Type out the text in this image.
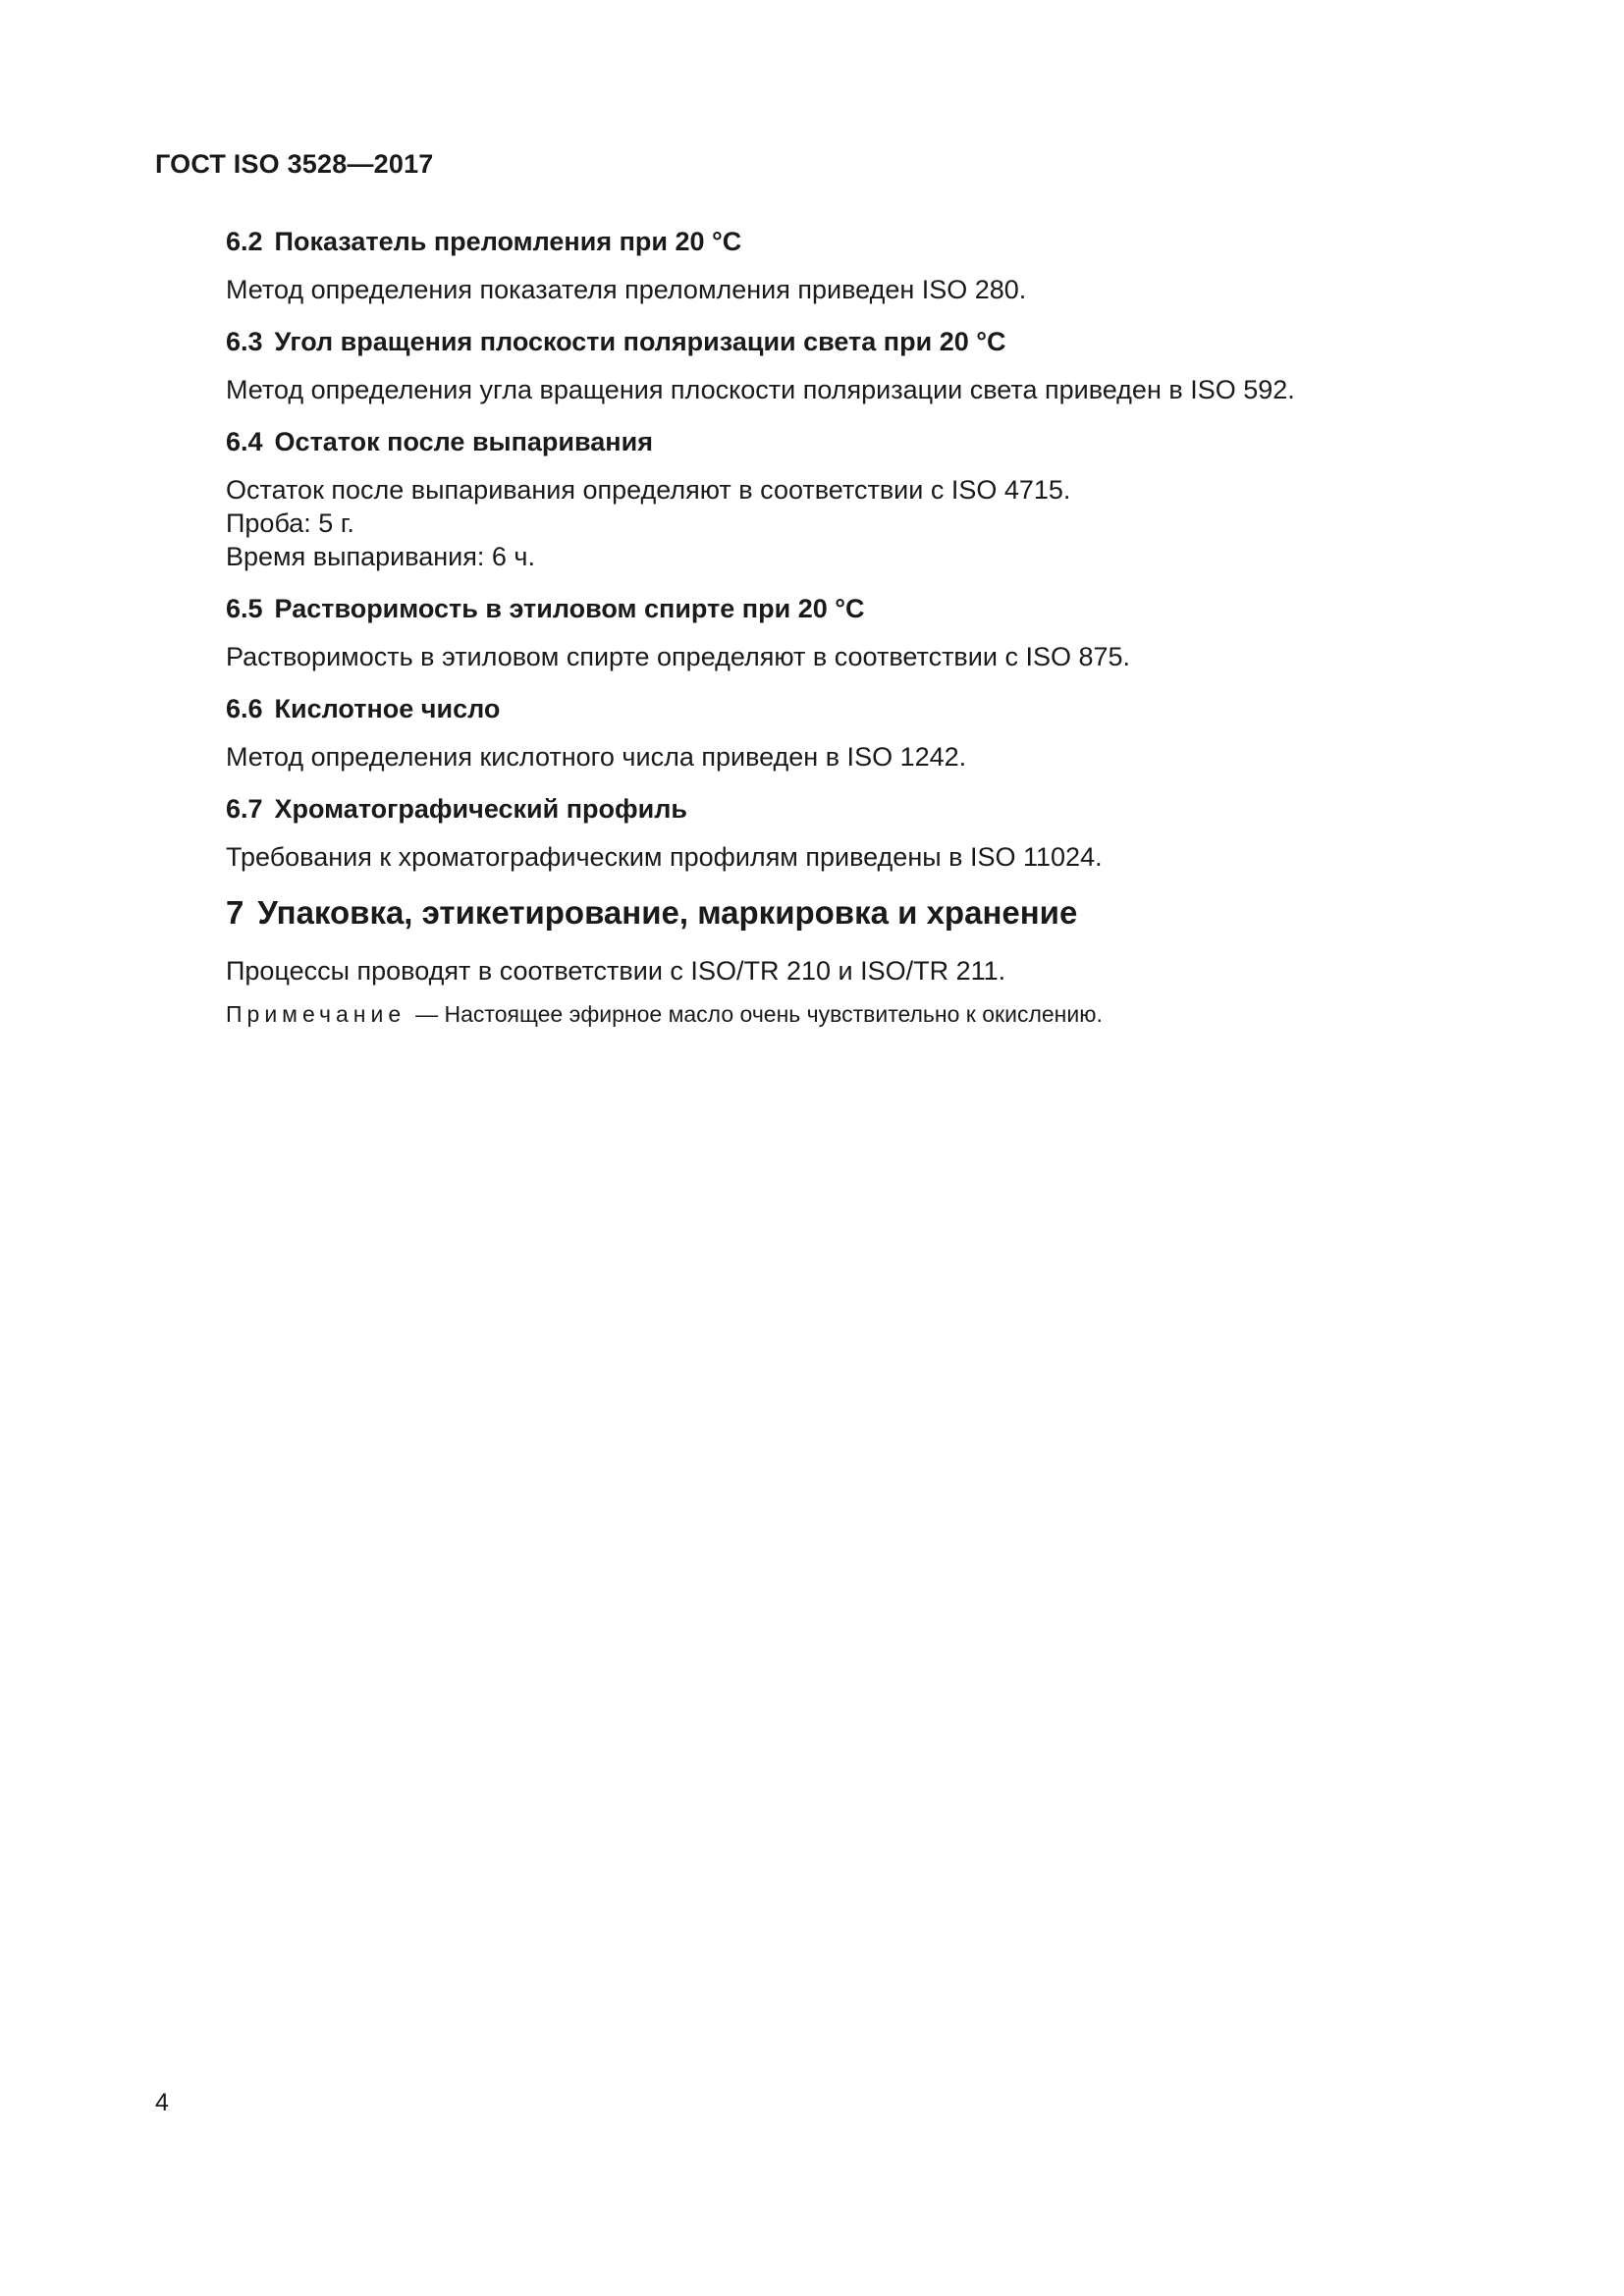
ГОСТ ISO 3528—2017
6.2 Показатель преломления при 20 °С
Метод определения показателя преломления приведен ISO 280.
6.3 Угол вращения плоскости поляризации света при 20 °С
Метод определения угла вращения плоскости поляризации света приведен в ISO 592.
6.4 Остаток после выпаривания
Остаток после выпаривания определяют в соответствии с ISO 4715.
Проба: 5 г.
Время выпаривания: 6 ч.
6.5 Растворимость в этиловом спирте при 20 °С
Растворимость в этиловом спирте определяют в соответствии с ISO 875.
6.6 Кислотное число
Метод определения кислотного числа приведен в ISO 1242.
6.7 Хроматографический профиль
Требования к хроматографическим профилям приведены в ISO 11024.
7 Упаковка, этикетирование, маркировка и хранение
Процессы проводят в соответствии с ISO/TR 210 и ISO/TR 211.
Примечание — Настоящее эфирное масло очень чувствительно к окислению.
4
